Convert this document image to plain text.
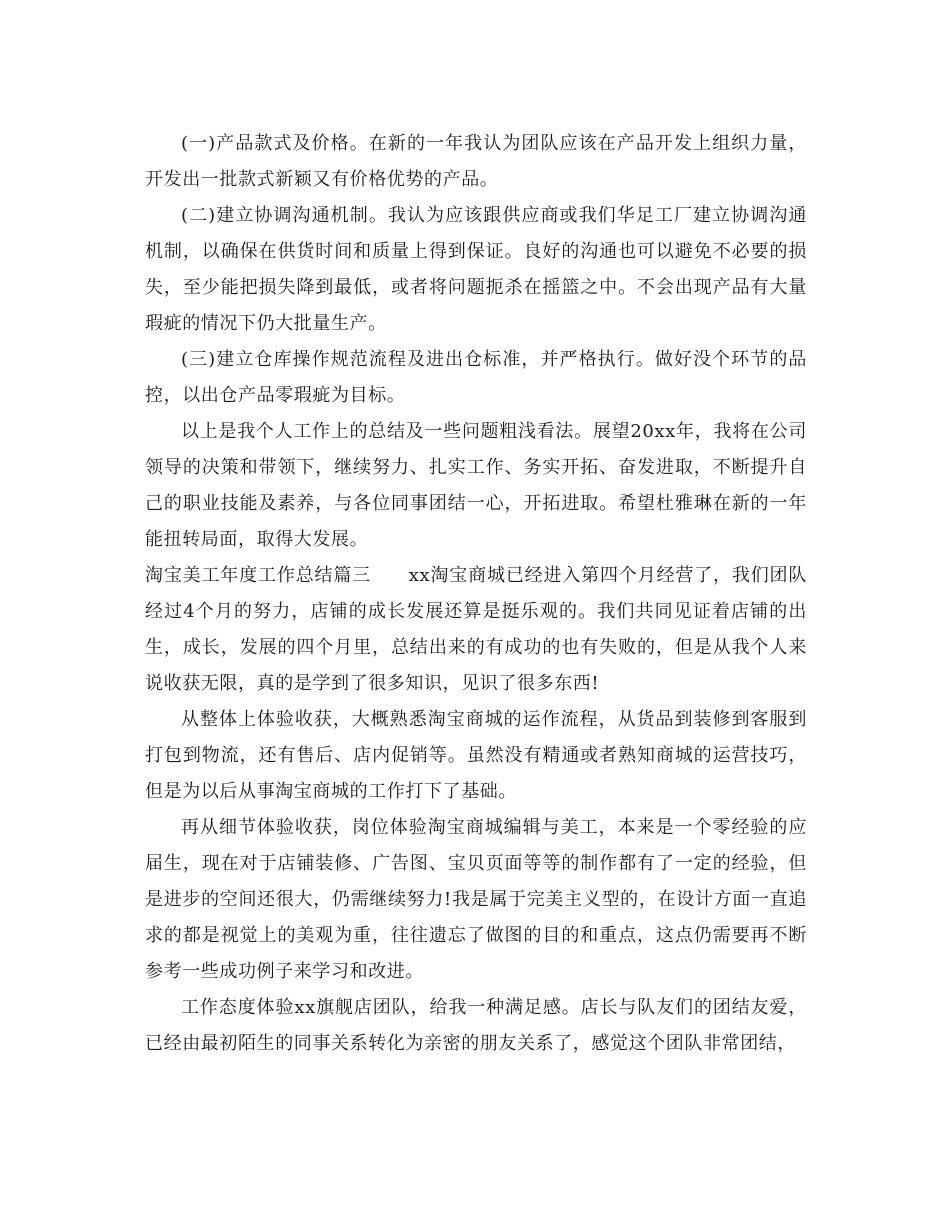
(一)产品款式及价格。在新的一年我认为团队应该在产品开发上组织力量，开发出一批款式新颖又有价格优势的产品。

(二)建立协调沟通机制。我认为应该跟供应商或我们华足工厂建立协调沟通机制，以确保在供货时间和质量上得到保证。良好的沟通也可以避免不必要的损失，至少能把损失降到最低，或者将问题扼杀在摇篮之中。不会出现产品有大量瑕疵的情况下仍大批量生产。

(三)建立仓库操作规范流程及进出仓标准，并严格执行。做好没个环节的品控，以出仓产品零瑕疵为目标。

以上是我个人工作上的总结及一些问题粗浅看法。展望20xx年，我将在公司领导的决策和带领下，继续努力、扎实工作、务实开拓、奋发进取，不断提升自己的职业技能及素养，与各位同事团结一心，开拓进取。希望杜雅琳在新的一年能扭转局面，取得大发展。

淘宝美工年度工作总结篇三　　xx淘宝商城已经进入第四个月经营了，我们团队经过4个月的努力，店铺的成长发展还算是挺乐观的。我们共同见证着店铺的出生，成长，发展的四个月里，总结出来的有成功的也有失败的，但是从我个人来说收获无限，真的是学到了很多知识，见识了很多东西!

从整体上体验收获，大概熟悉淘宝商城的运作流程，从货品到装修到客服到打包到物流，还有售后、店内促销等。虽然没有精通或者熟知商城的运营技巧，但是为以后从事淘宝商城的工作打下了基础。

再从细节体验收获，岗位体验淘宝商城编辑与美工，本来是一个零经验的应届生，现在对于店铺装修、广告图、宝贝页面等等的制作都有了一定的经验，但是进步的空间还很大，仍需继续努力!我是属于完美主义型的，在设计方面一直追求的都是视觉上的美观为重，往往遗忘了做图的目的和重点，这点仍需要再不断参考一些成功例子来学习和改进。

工作态度体验xx旗舰店团队，给我一种满足感。店长与队友们的团结友爱，已经由最初陌生的同事关系转化为亲密的朋友关系了，感觉这个团队非常团结，
